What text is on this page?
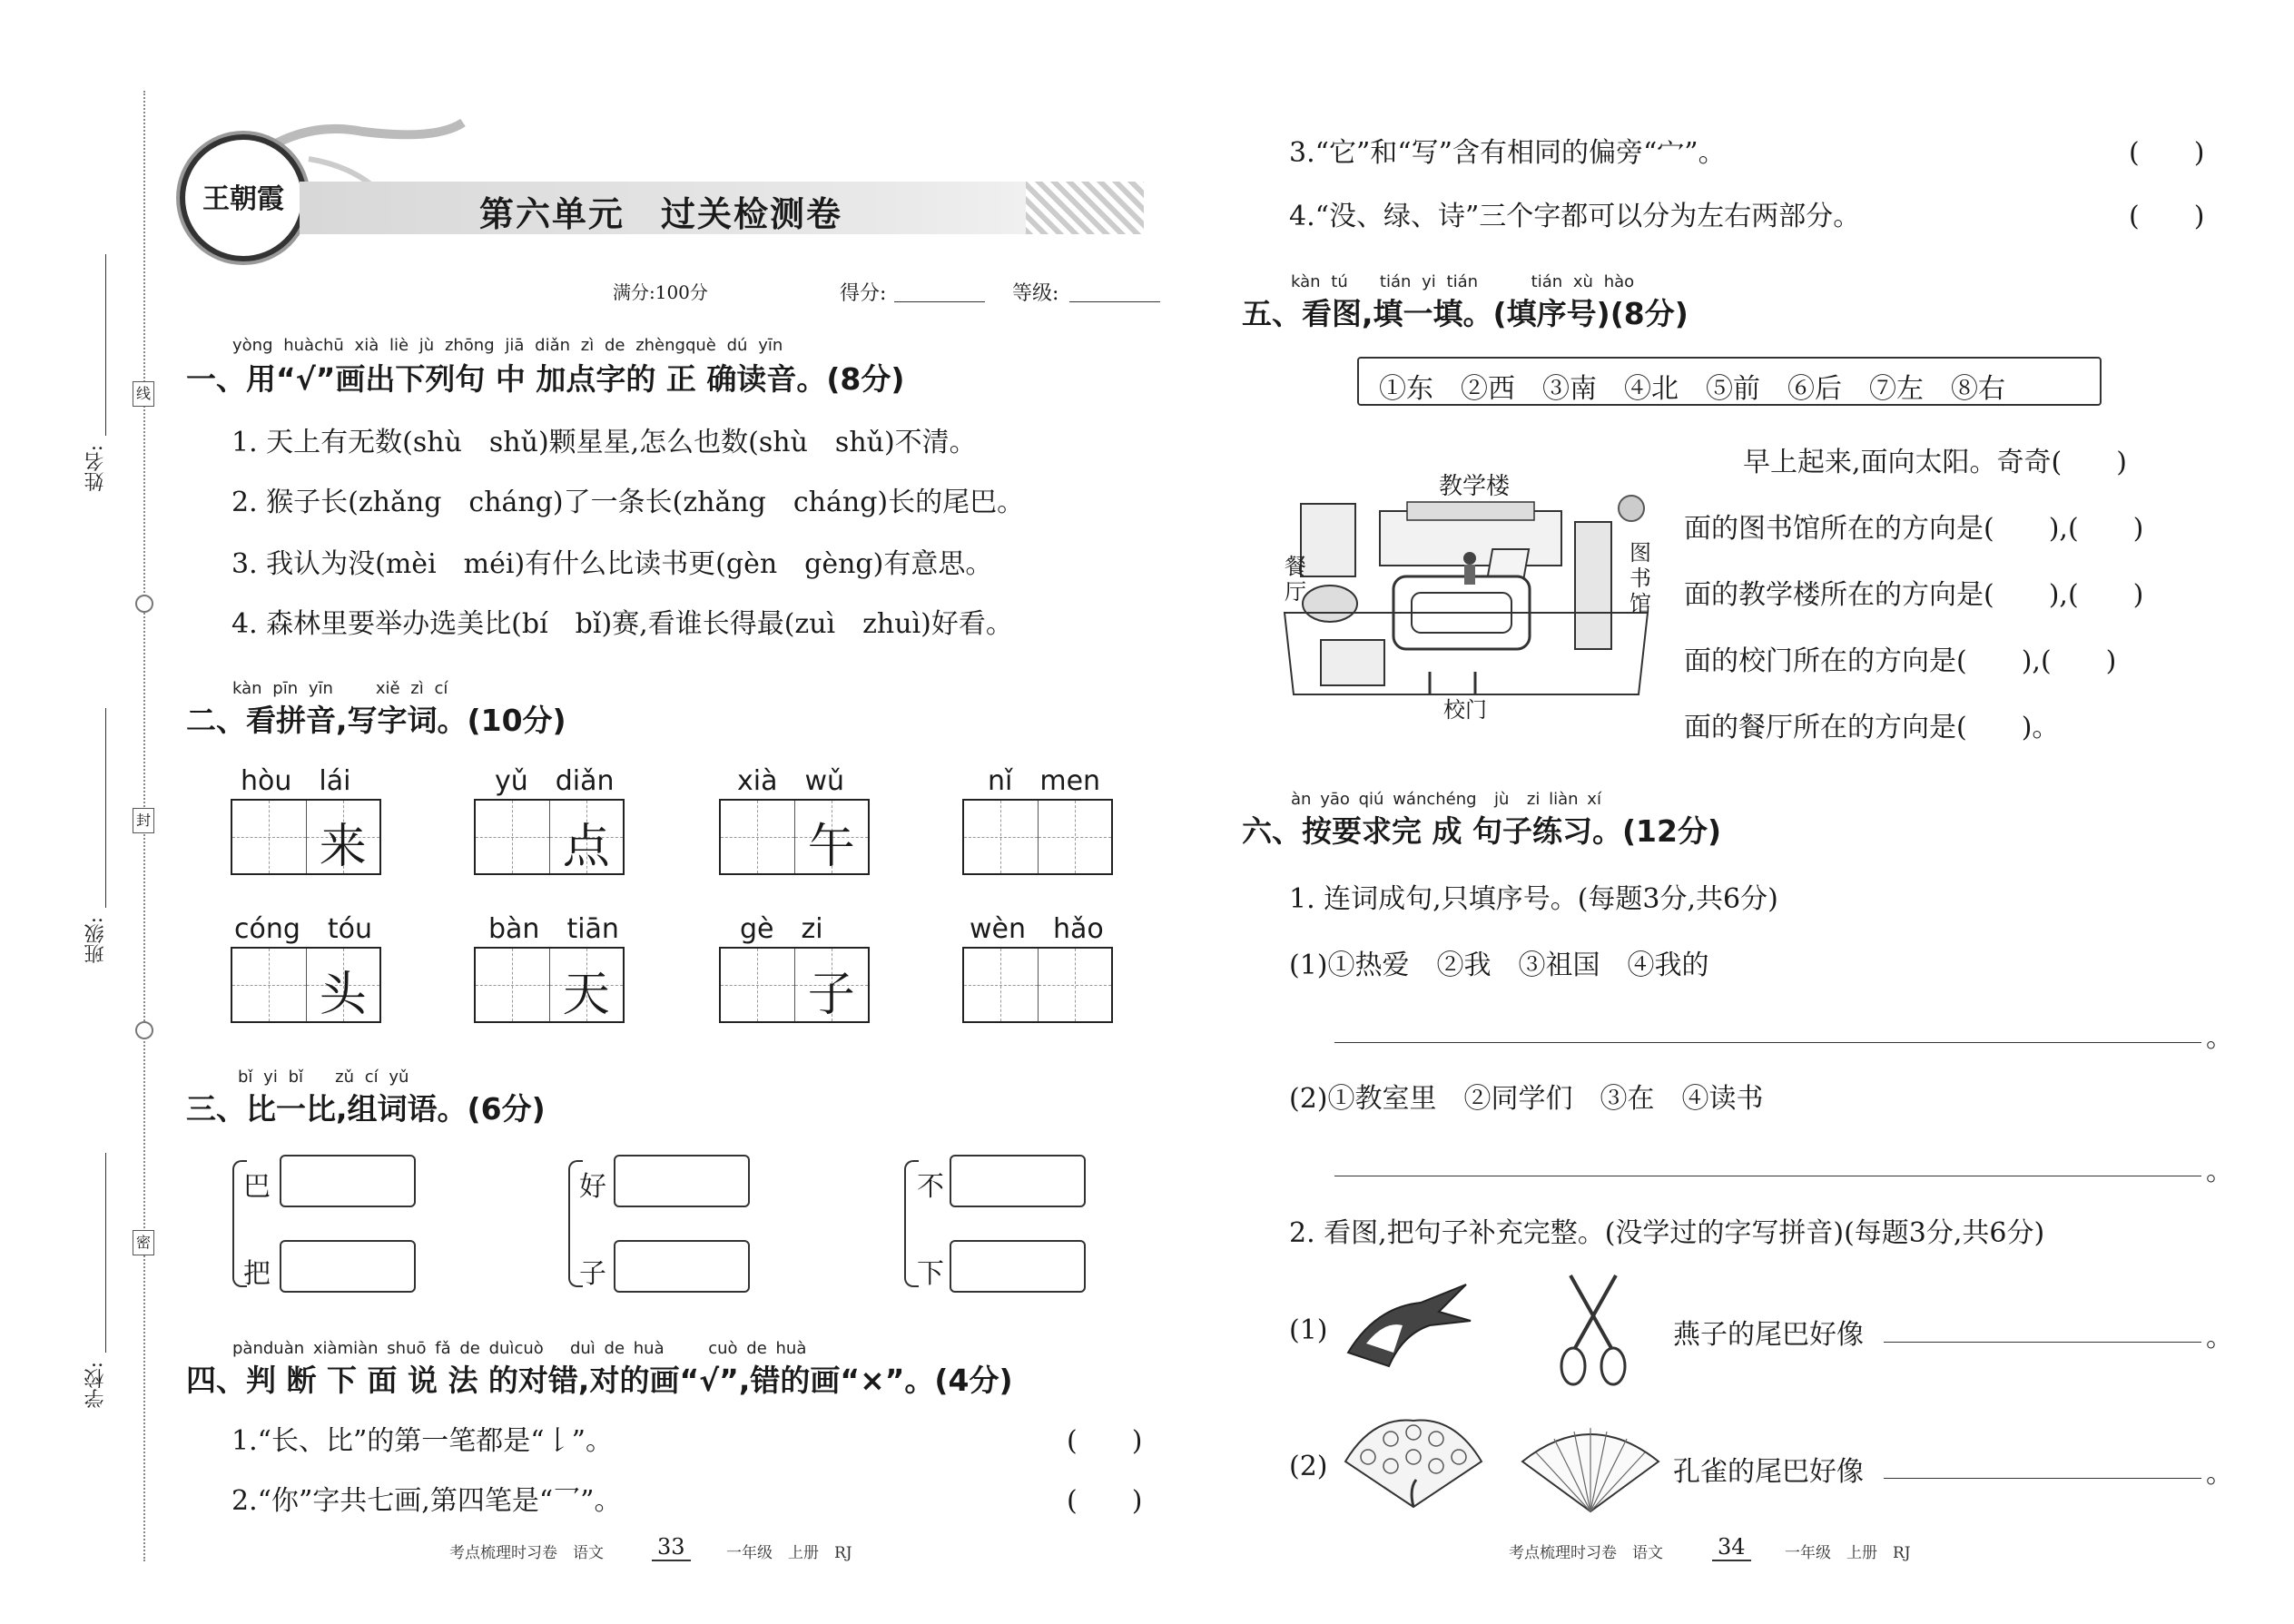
姓名:
班级:
学校:
线
封
密
王朝霞	第六单元　过关检测卷
满分:100分	得分:	等级:
yòng huàchū xià liè jù zhōng jiā diǎn zì de zhèngquè dú yīn
一、用“√”画出下列句 中 加点字的 正 确读音。(8分)
1. 天上有无数(shù　shǔ)颗星星,怎么也数(shù　shǔ)不清。
2. 猴子长(zhǎng　cháng)了一条长(zhǎng　cháng)长的尾巴。
3. 我认为没(mèi　méi)有什么比读书更(gèn　gèng)有意思。
4. 森林里要举办选美比(bí　bǐ)赛,看谁长得最(zuì　zhuì)好看。
kàn pīn yīn	xiě zì cí
二、看拼音,写字词。(10分)
hòu　lái
来
yǔ　diǎn
点
xià　wǔ
午
nǐ　men
cóng　tóu
头
bàn　tiān
天
gè　zi
子
wèn　hǎo
bǐ yi bǐ zǔ cí yǔ
三、比一比,组词语。(6分)
巴
把
好
子
不
下
pànduàn xiàmiàn shuō fǎ de duìcuò duì de huà	cuò de huà
四、判 断 下 面 说 法 的对错,对的画“√”,错的画“×”。(4分)
1.“长、比”的第一笔都是“𠄌”。	(　　)
2.“你”字共七画,第四笔是“乛”。	(　　)
考点梳理时习卷　语文 33	一年级　上册　RJ
3.“它”和“写”含有相同的偏旁“宀”。	(　　)
4.“没、绿、诗”三个字都可以分为左右两部分。	(　　)
kàn tú tián yi tián	tián xù hào
五、看图,填一填。(填序号)(8分)
①东　②西　③南　④北　⑤前　⑥后　⑦左　⑧右
教学楼
餐厅
图书馆
校门
早上起来,面向太阳。奇奇(　　)
面的图书馆所在的方向是(　　),(　　)
面的教学楼所在的方向是(　　),(　　)
面的校门所在的方向是(　　),(　　)
面的餐厅所在的方向是(　　)。
àn yāo qiú wánchéng jù zi liàn xí
六、按要求完 成 句子练习。(12分)
1. 连词成句,只填序号。(每题3分,共6分)
(1)①热爱　②我　③祖国　④我的
。
(2)①教室里　②同学们　③在　④读书
。
2. 看图,把句子补充完整。(没学过的字写拼音)(每题3分,共6分)
(1)	燕子的尾巴好像	。
(2)	孔雀的尾巴好像	。
考点梳理时习卷　语文	34	一年级　上册　RJ
